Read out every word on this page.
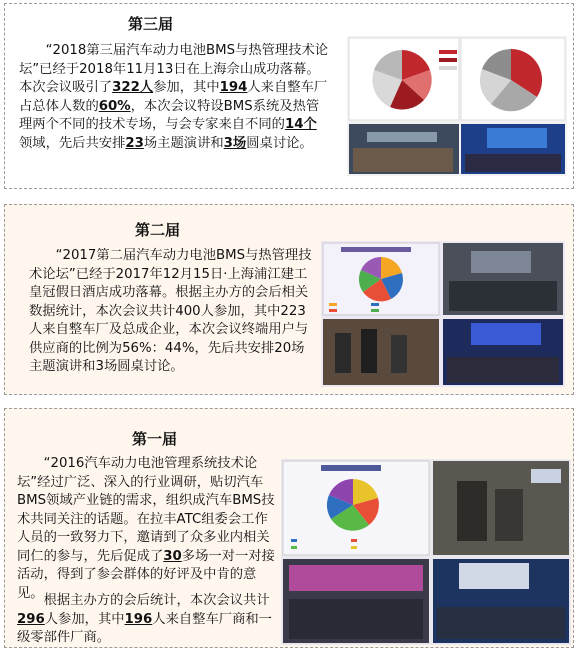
第三届

“2018第三届汽车动力电池BMS与热管理技术论坛”已经于2018年11月13日在上海佘山成功落幕。本次会议吸引了322人参加，其中194人来自整车厂占总体人数的60%，本次会议特设BMS系统及热管理两个不同的技术专场，与会专家来自不同的14个领域，先后共安排23场主题演讲和3场圆桌讨论。

第二届

“2017第二届汽车动力电池BMS与热管理技术论坛”已经于2017年12月15日·上海浦江建工皇冠假日酒店成功落幕。根据主办方的会后相关数据统计，本次会议共计400人参加，其中223人来自整车厂及总成企业，本次会议终端用户与供应商的比例为56%：44%，先后共安排20场主题演讲和3场圆桌讨论。

第一届

“2016汽车动力电池管理系统技术论坛”经过广泛、深入的行业调研，贴切汽车BMS领域产业链的需求，组织成汽车BMS技术共同关注的话题。在拉丰ATC组委会工作人员的一致努力下，邀请到了众多业内相关同仁的参与，先后促成了30多场一对一对接活动，得到了参会群体的好评及中肯的意见。 根据主办方的会后统计，本次会议共计296人参加，其中196人来自整车厂商和一级零部件厂商。
